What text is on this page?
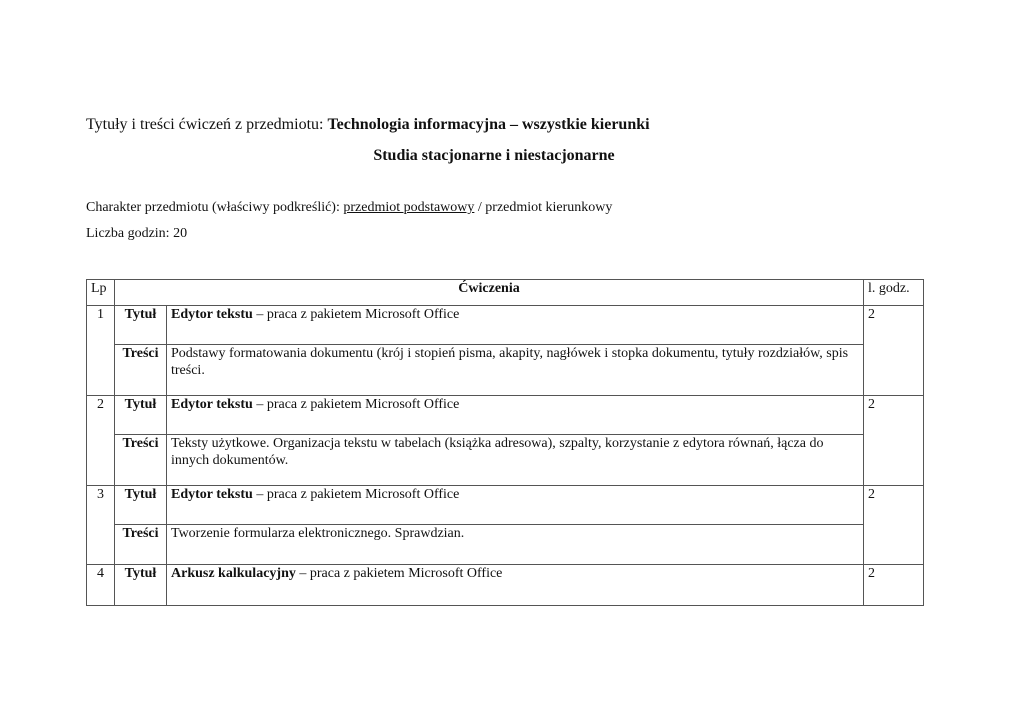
Tytuły i treści ćwiczeń z przedmiotu: Technologia informacyjna – wszystkie kierunki
Studia stacjonarne i niestacjonarne
Charakter przedmiotu (właściwy podkreślić): przedmiot podstawowy / przedmiot kierunkowy
Liczba godzin: 20
Lp	Ćwiczenia		l. godz.
1	Tytuł	Edytor tekstu – praca z pakietem Microsoft Office	2
	Treści	Podstawy formatowania dokumentu (krój i stopień pisma, akapity, nagłówek i stopka dokumentu, tytuły rozdziałów, spis treści.	
2	Tytuł	Edytor tekstu – praca z pakietem Microsoft Office	2
	Treści	Teksty użytkowe. Organizacja tekstu w tabelach (książka adresowa), szpalty, korzystanie z edytora równań, łącza do innych dokumentów.	
3	Tytuł	Edytor tekstu – praca z pakietem Microsoft Office	2
	Treści	Tworzenie formularza elektronicznego. Sprawdzian.	
4	Tytuł	Arkusz kalkulacyjny – praca z pakietem Microsoft Office	2
